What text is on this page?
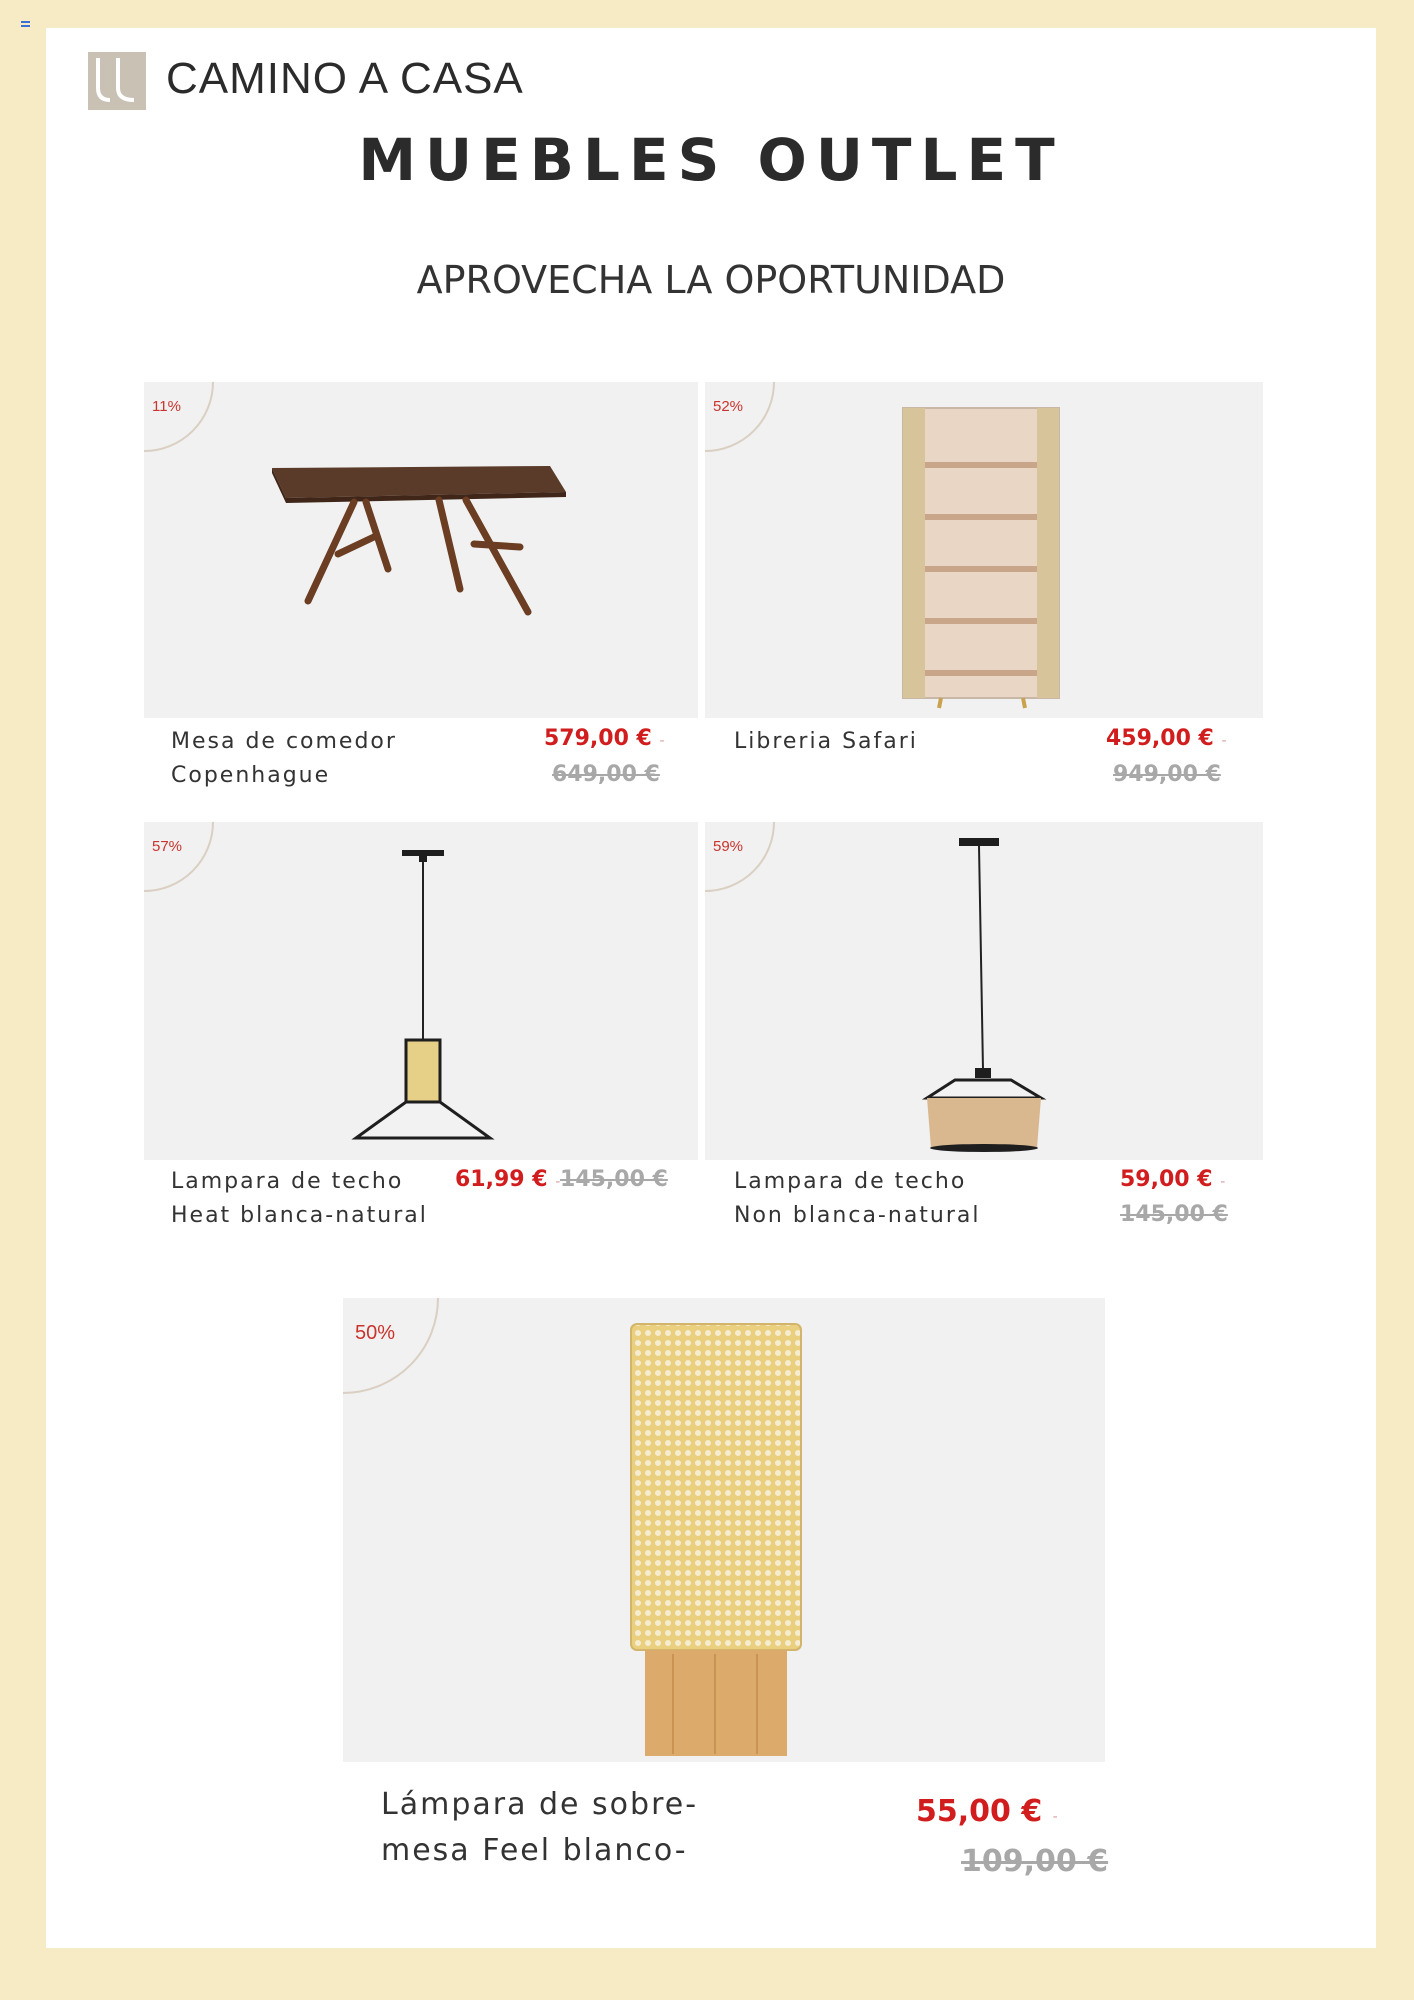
CAMINO A CASA
MUEBLES OUTLET
APROVECHA LA OPORTUNIDAD
11%
Mesa de comedor
Copenhague
579,00 € -
649,00 €
52%
Libreria Safari	459,00 € -
949,00 €
57%
Lampara de techo
Heat blanca-natural
61,99 € - 145,00 €
59%
Lampara de techo
Non blanca-natural
59,00 € -
145,00 €
50%
Lámpara de sobre-
mesa Feel blanco-
55,00 € -
109,00 €
